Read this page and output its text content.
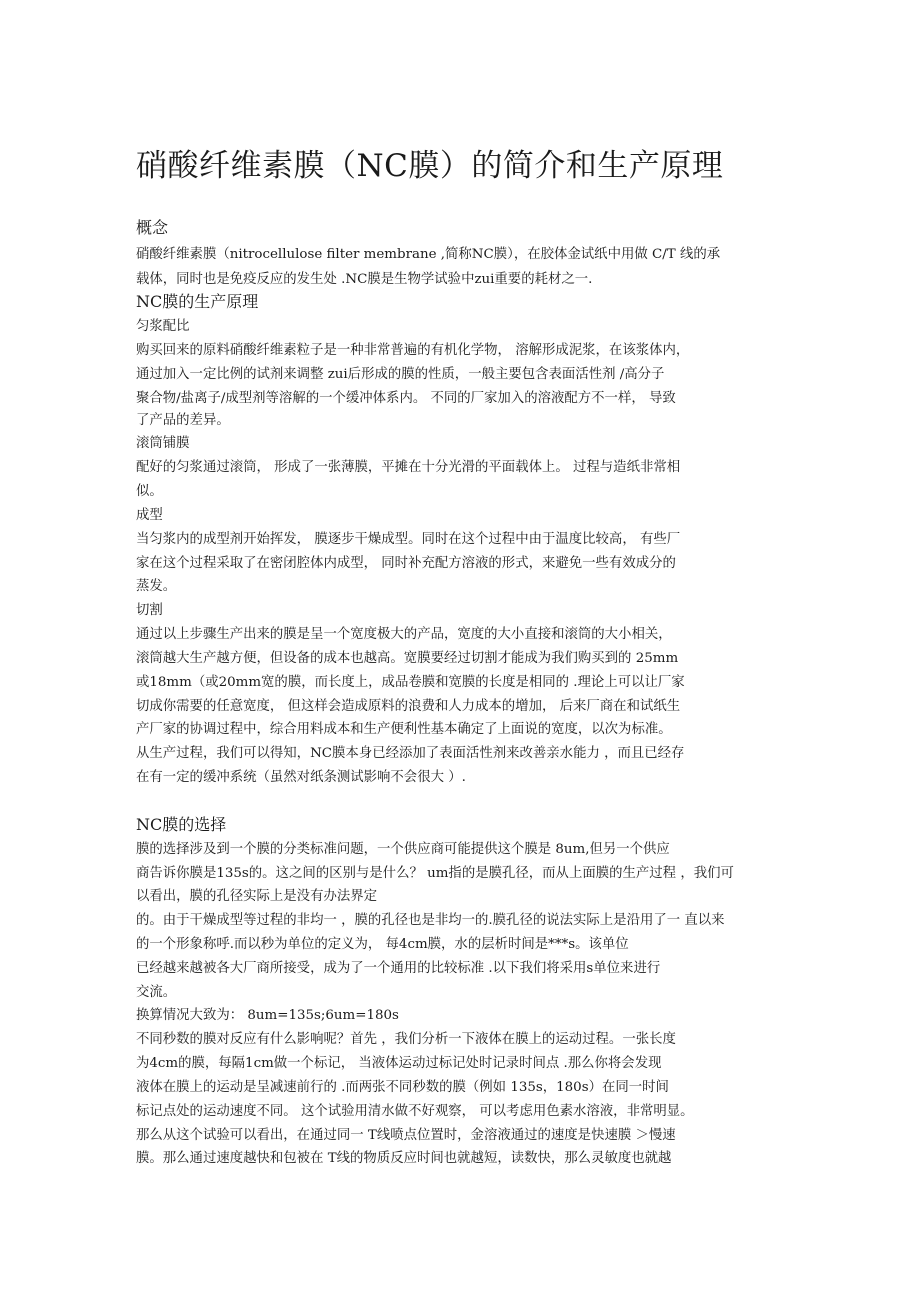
硝酸纤维素膜（NC膜）的简介和生产原理
概念
硝酸纤维素膜（nitrocellulose filter membrane ,简称NC膜），在胶体金试纸中用做 C/T 线的承
载体，同时也是免疫反应的发生处 .NC膜是生物学试验中zui重要的耗材之一.
NC膜的生产原理
匀浆配比
购买回来的原料硝酸纤维素粒子是一种非常普遍的有机化学物， 溶解形成泥浆，在该浆体内，
通过加入一定比例的试剂来调整 zui后形成的膜的性质，一般主要包含表面活性剂 /高分子
聚合物/盐离子/成型剂等溶解的一个缓冲体系内。 不同的厂家加入的溶液配方不一样， 导致
了产品的差异。
滚筒铺膜
配好的匀浆通过滚筒， 形成了一张薄膜，平摊在十分光滑的平面载体上。 过程与造纸非常相
似。
成型
当匀浆内的成型剂开始挥发， 膜逐步干燥成型。同时在这个过程中由于温度比较高， 有些厂
家在这个过程采取了在密闭腔体内成型， 同时补充配方溶液的形式，来避免一些有效成分的
蒸发。
切割
通过以上步骤生产出来的膜是呈一个宽度极大的产品，宽度的大小直接和滚筒的大小相关，
滚筒越大生产越方便，但设备的成本也越高。宽膜要经过切割才能成为我们购买到的 25mm
或18mm（或20mm宽的膜，而长度上，成品卷膜和宽膜的长度是相同的 .理论上可以让厂家
切成你需要的任意宽度， 但这样会造成原料的浪费和人力成本的增加， 后来厂商在和试纸生
产厂家的协调过程中，综合用料成本和生产便利性基本确定了上面说的宽度，以次为标准。
从生产过程，我们可以得知，NC膜本身已经添加了表面活性剂来改善亲水能力 ，而且已经存
在有一定的缓冲系统（虽然对纸条测试影响不会很大 ）.
NC膜的选择
膜的选择涉及到一个膜的分类标准问题，一个供应商可能提供这个膜是 8um,但另一个供应
商告诉你膜是135s的。这之间的区别与是什么？ um指的是膜孔径，而从上面膜的生产过程 ，我们可
以看出，膜的孔径实际上是没有办法界定
的。由于干燥成型等过程的非均一 ，膜的孔径也是非均一的.膜孔径的说法实际上是沿用了一 直以来
的一个形象称呼.而以秒为单位的定义为， 每4cm膜，水的层析时间是***s。该单位
已经越来越被各大厂商所接受，成为了一个通用的比较标准 .以下我们将采用s单位来进行
交流。
换算情况大致为： 8um=135s;6um=180s
不同秒数的膜对反应有什么影响呢？首先 ，我们分析一下液体在膜上的运动过程。一张长度
为4cm的膜，每隔1cm做一个标记， 当液体运动过标记处时记录时间点 .那么你将会发现
液体在膜上的运动是呈减速前行的 .而两张不同秒数的膜（例如 135s，180s）在同一时间
标记点处的运动速度不同。 这个试验用清水做不好观察， 可以考虑用色素水溶液，非常明显。
那么从这个试验可以看出，在通过同一 T线喷点位置时，金溶液通过的速度是快速膜 ＞慢速
膜。那么通过速度越快和包被在 T线的物质反应时间也就越短，读数快，那么灵敏度也就越
